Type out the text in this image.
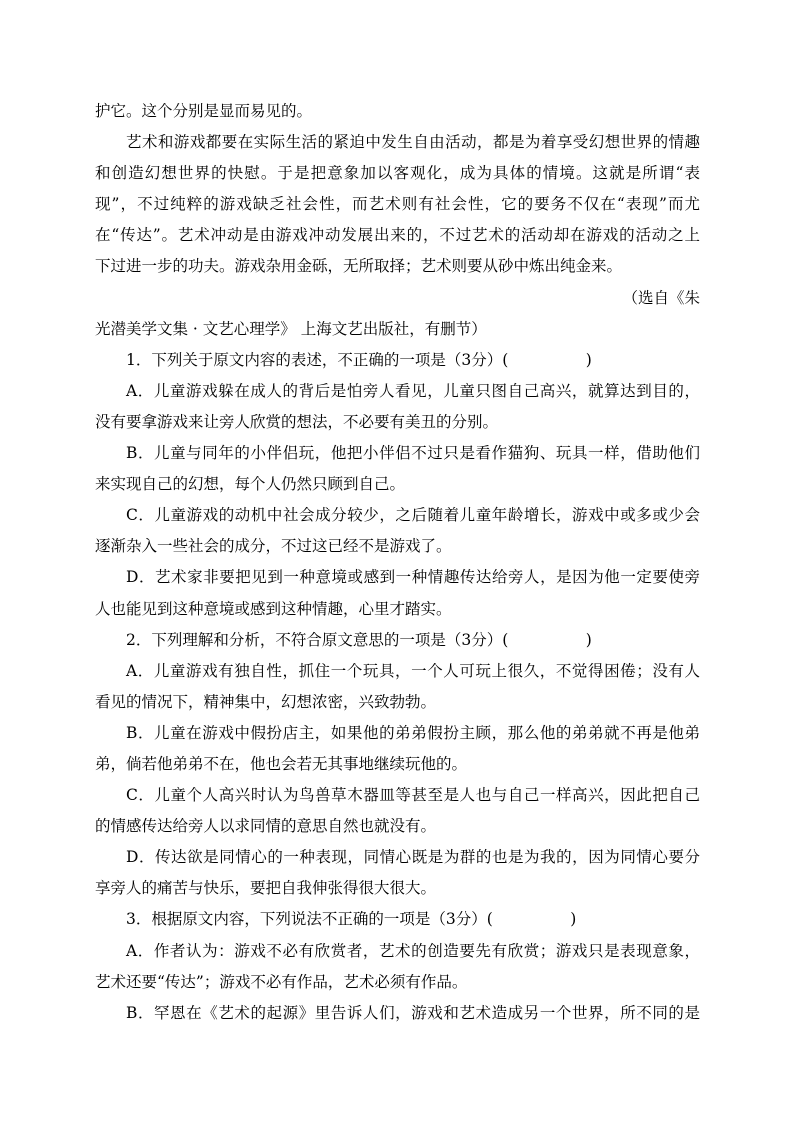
护它。这个分别是显而易见的。
艺术和游戏都要在实际生活的紧迫中发生自由活动，都是为着享受幻想世界的情趣
和创造幻想世界的快慰。于是把意象加以客观化，成为具体的情境。这就是所谓“表
现”，不过纯粹的游戏缺乏社会性，而艺术则有社会性，它的要务不仅在“表现”而尤
在“传达”。艺术冲动是由游戏冲动发展出来的，不过艺术的活动却在游戏的活动之上
下过进一步的功夫。游戏杂用金砾，无所取择；艺术则要从砂中炼出纯金来。
（选自《朱
光潜美学文集 · 文艺心理学》 上海文艺出版社，有删节）
1．下列关于原文内容的表述，不正确的一项是（3分）(　　　　　)
A．儿童游戏躲在成人的背后是怕旁人看见，儿童只图自己高兴，就算达到目的，
没有要拿游戏来让旁人欣赏的想法，不必要有美丑的分别。
B．儿童与同年的小伴侣玩，他把小伴侣不过只是看作猫狗、玩具一样，借助他们
来实现自己的幻想，每个人仍然只顾到自己。
C．儿童游戏的动机中社会成分较少，之后随着儿童年龄增长，游戏中或多或少会
逐渐杂入一些社会的成分，不过这已经不是游戏了。
D．艺术家非要把见到一种意境或感到一种情趣传达给旁人，是因为他一定要使旁
人也能见到这种意境或感到这种情趣，心里才踏实。
2．下列理解和分析，不符合原文意思的一项是（3分）(　　　　　)
A．儿童游戏有独自性，抓住一个玩具，一个人可玩上很久，不觉得困倦；没有人
看见的情况下，精神集中，幻想浓密，兴致勃勃。
B．儿童在游戏中假扮店主，如果他的弟弟假扮主顾，那么他的弟弟就不再是他弟
弟，倘若他弟弟不在，他也会若无其事地继续玩他的。
C．儿童个人高兴时认为鸟兽草木器皿等甚至是人也与自己一样高兴，因此把自己
的情感传达给旁人以求同情的意思自然也就没有。
D．传达欲是同情心的一种表现，同情心既是为群的也是为我的，因为同情心要分
享旁人的痛苦与快乐，要把自我伸张得很大很大。
3．根据原文内容，下列说法不正确的一项是（3分）(　　　　　)
A．作者认为：游戏不必有欣赏者，艺术的创造要先有欣赏；游戏只是表现意象，
艺术还要“传达”；游戏不必有作品，艺术必须有作品。
B．罕恩在《艺术的起源》里告诉人们，游戏和艺术造成另一个世界，所不同的是
